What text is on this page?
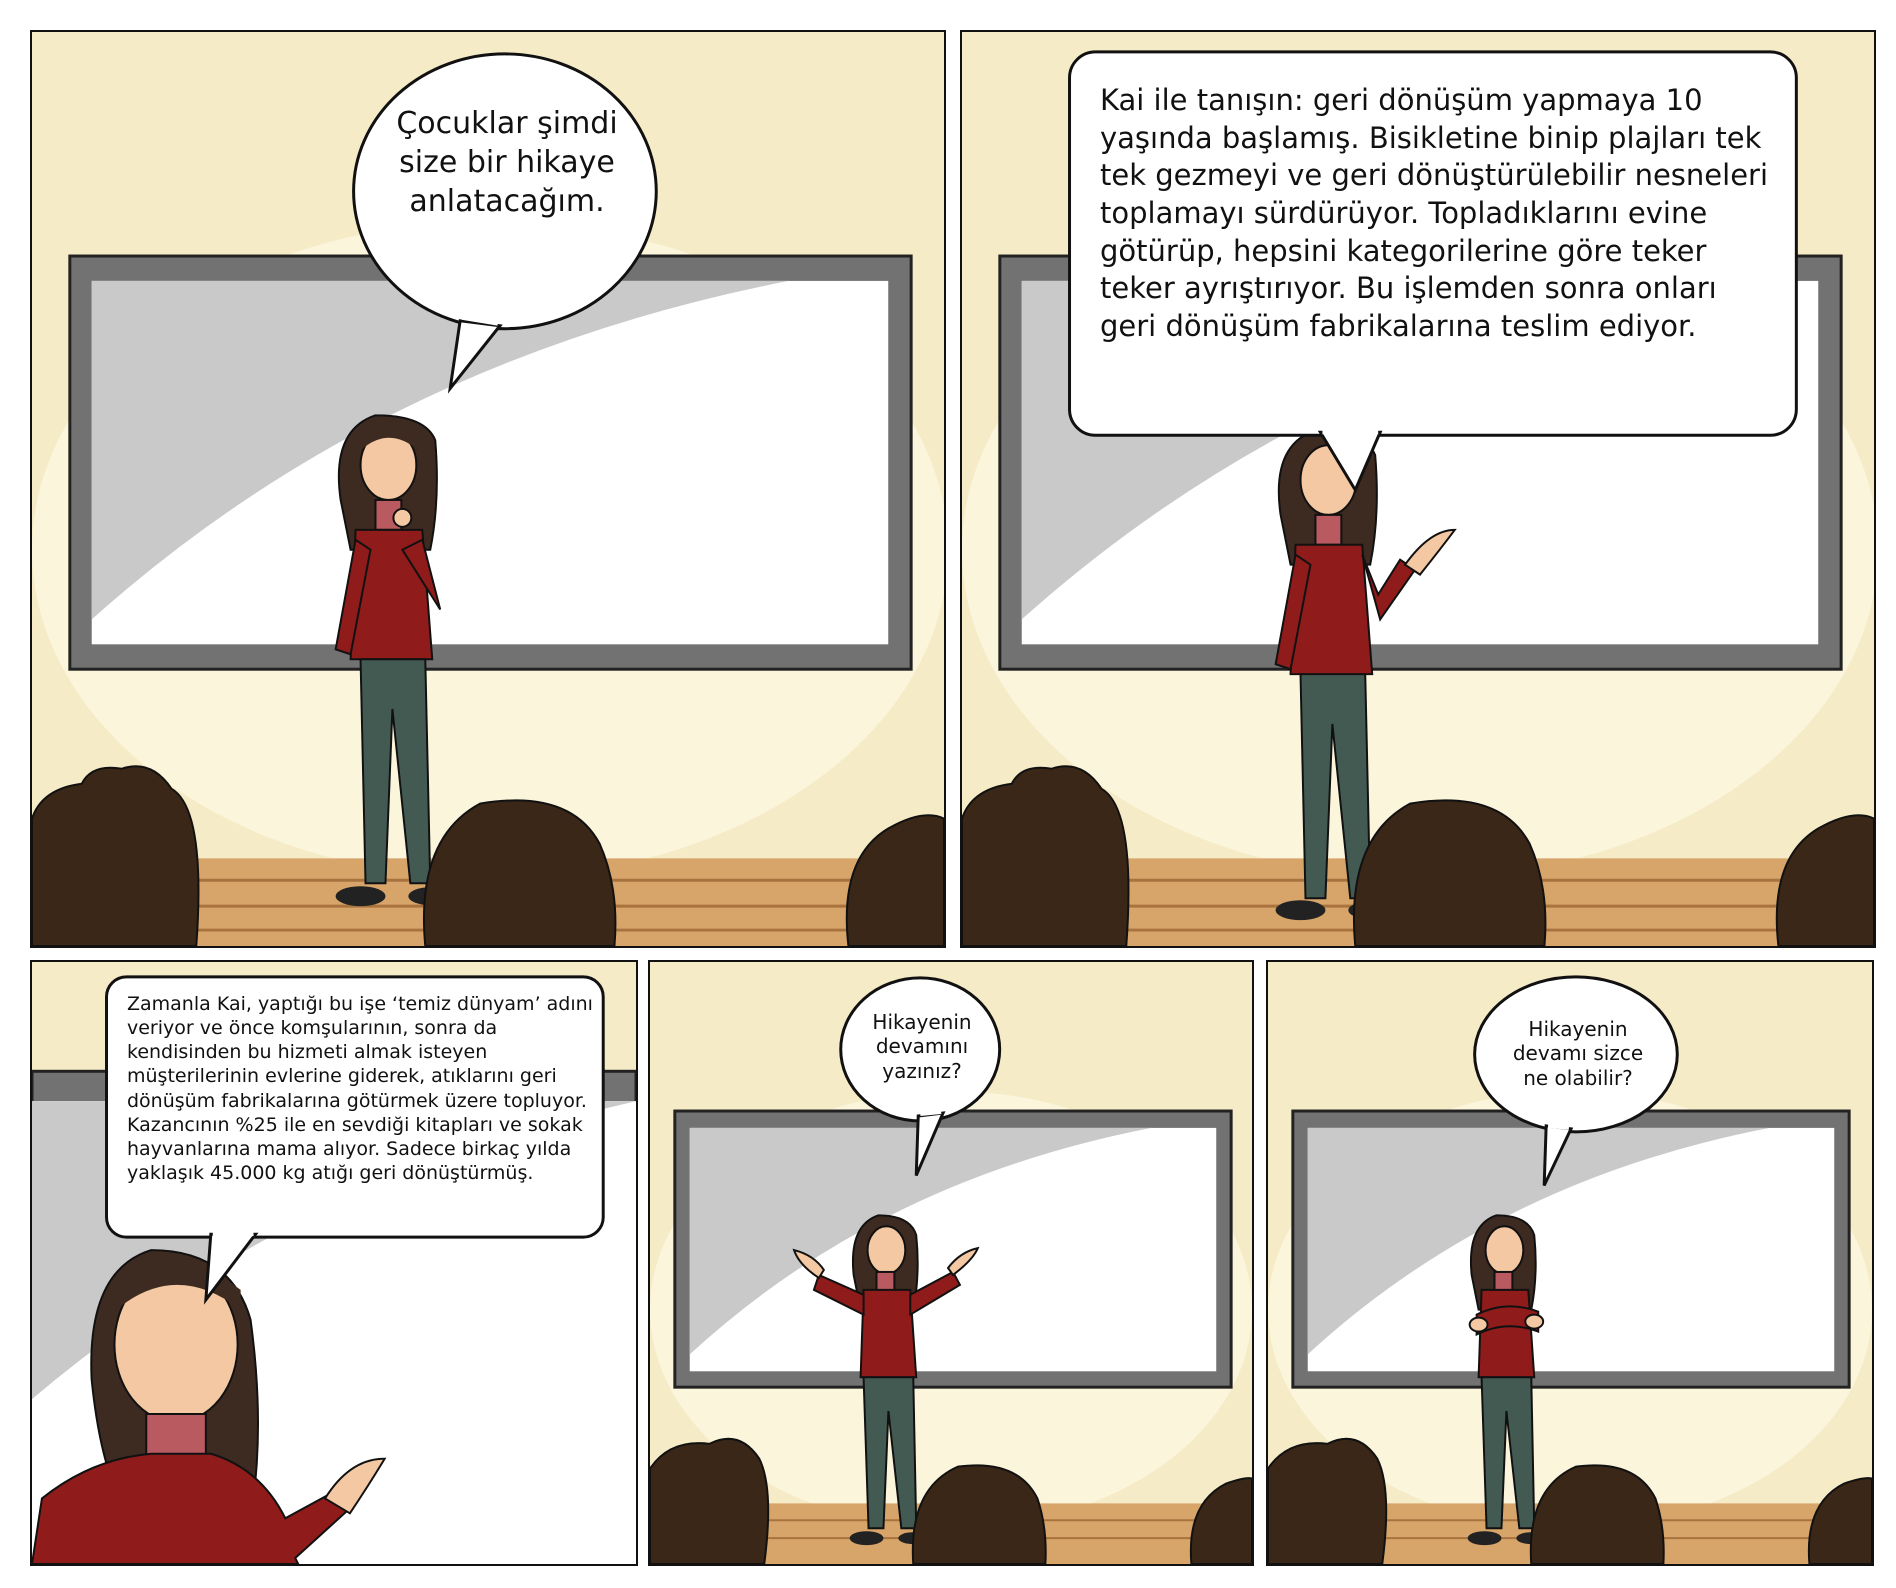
Çocuklar şimdi size bir hikaye anlatacağım.

Kai ile tanışın: geri dönüşüm yapmaya 10 yaşında başlamış. Bisikletine binip plajları tek tek gezmeyi ve geri dönüştürülebilir nesneleri toplamayı sürdürüyor. Topladıklarını evine götürüp, hepsini kategorilerine göre teker teker ayrıştırıyor. Bu işlemden sonra onları geri dönüşüm fabrikalarına teslim ediyor.

Zamanla Kai, yaptığı bu işe ‘temiz dünyam’ adını veriyor ve önce komşularının, sonra da kendisinden bu hizmeti almak isteyen müşterilerinin evlerine giderek, atıklarını geri dönüşüm fabrikalarına götürmek üzere topluyor. Kazancının %25 ile en sevdiği kitapları ve sokak hayvanlarına mama alıyor. Sadece birkaç yılda yaklaşık 45.000 kg atığı geri dönüştürmüş.

Hikayenin devamını yazınız?

Hikayenin devamı sizce ne olabilir?
